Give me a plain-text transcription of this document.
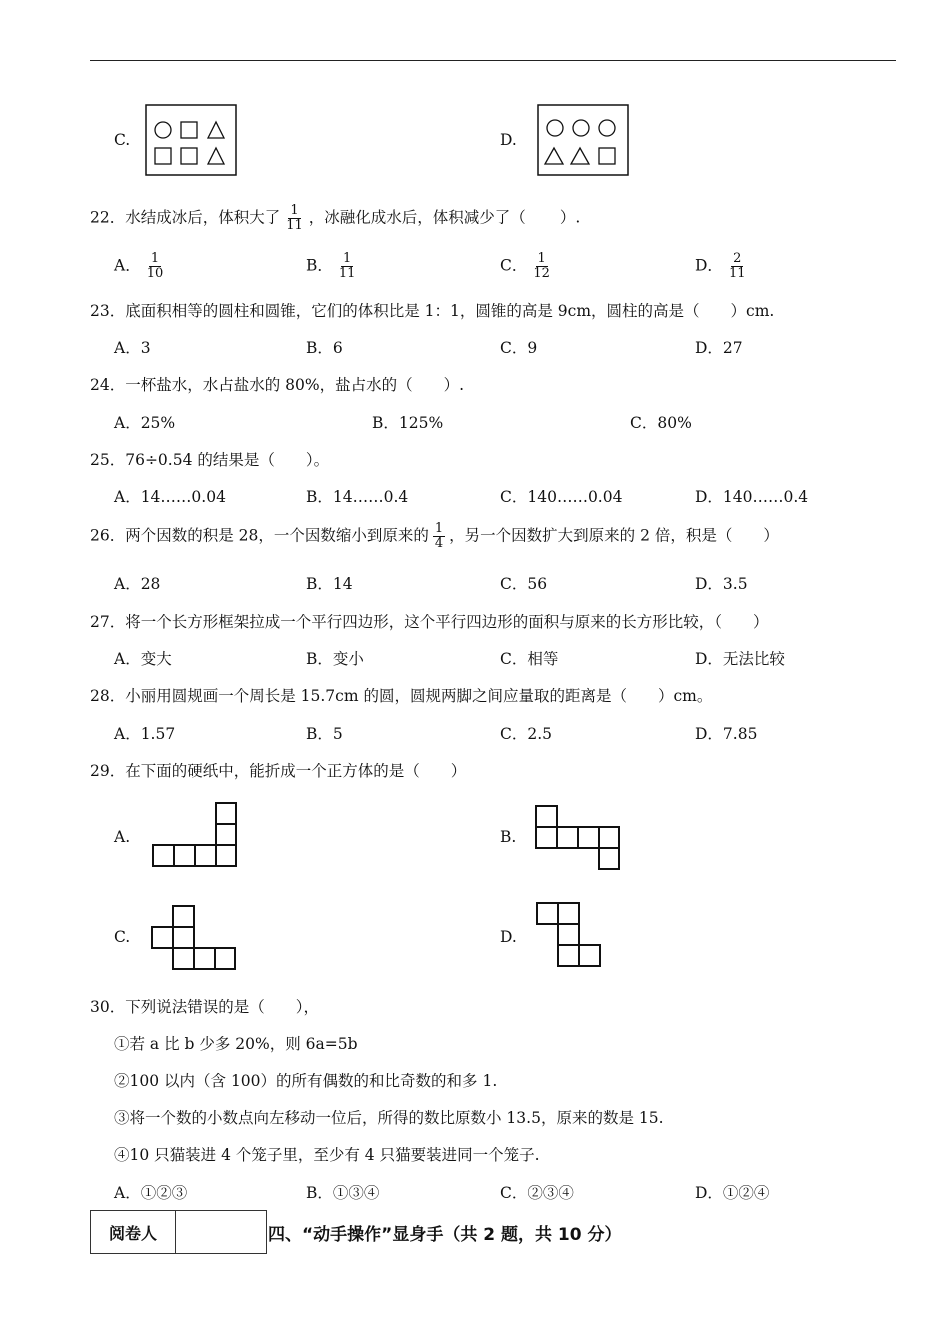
C.	D.
22．水结成冰后，体积大了 $\frac{1}{11}$ ，冰融化成水后，体积减少了（ ）.
A． $\frac{1}{10}$	B． $\frac{1}{11}$	C． $\frac{1}{12}$	D． $\frac{2}{11}$
23．底面积相等的圆柱和圆锥，它们的体积比是 1：1，圆锥的高是 9cm，圆柱的高是（　　）cm.
A．3	B．6	C．9	D．27
24．一杯盐水，水占盐水的 80%，盐占水的（　　）.
A．25%	B．125%	C．80%
25．76÷0.54 的结果是（　　）。
A．14……0.04	B．14……0.4	C．140……0.04	D．140……0.4
26．两个因数的积是 28，一个因数缩小到原来的 $\frac{1}{4}$ ，另一个因数扩大到原来的 2 倍，积是（　　）
A．28	B．14	C．56	D．3.5
27．将一个长方形框架拉成一个平行四边形，这个平行四边形的面积与原来的长方形比较，（　　）
A．变大	B．变小	C．相等	D．无法比较
28．小丽用圆规画一个周长是 15.7cm 的圆，圆规两脚之间应量取的距离是（　　）cm。
A．1.57	B．5	C．2.5	D．7.85
29．在下面的硬纸中，能折成一个正方体的是（　　）
A.	B.
C.	D.
30．下列说法错误的是（　　），
①若 a 比 b 少多 20%，则 6a=5b
②100 以内（含 100）的所有偶数的和比奇数的和多 1.
③将一个数的小数点向左移动一位后，所得的数比原数小 13.5，原来的数是 15.
④10 只猫装进 4 个笼子里，至少有 4 只猫要装进同一个笼子.
A．①②③	B．①③④	C．②③④	D．①②④
阅卷人		四、“动手操作”显身手（共 2 题，共 10 分）
